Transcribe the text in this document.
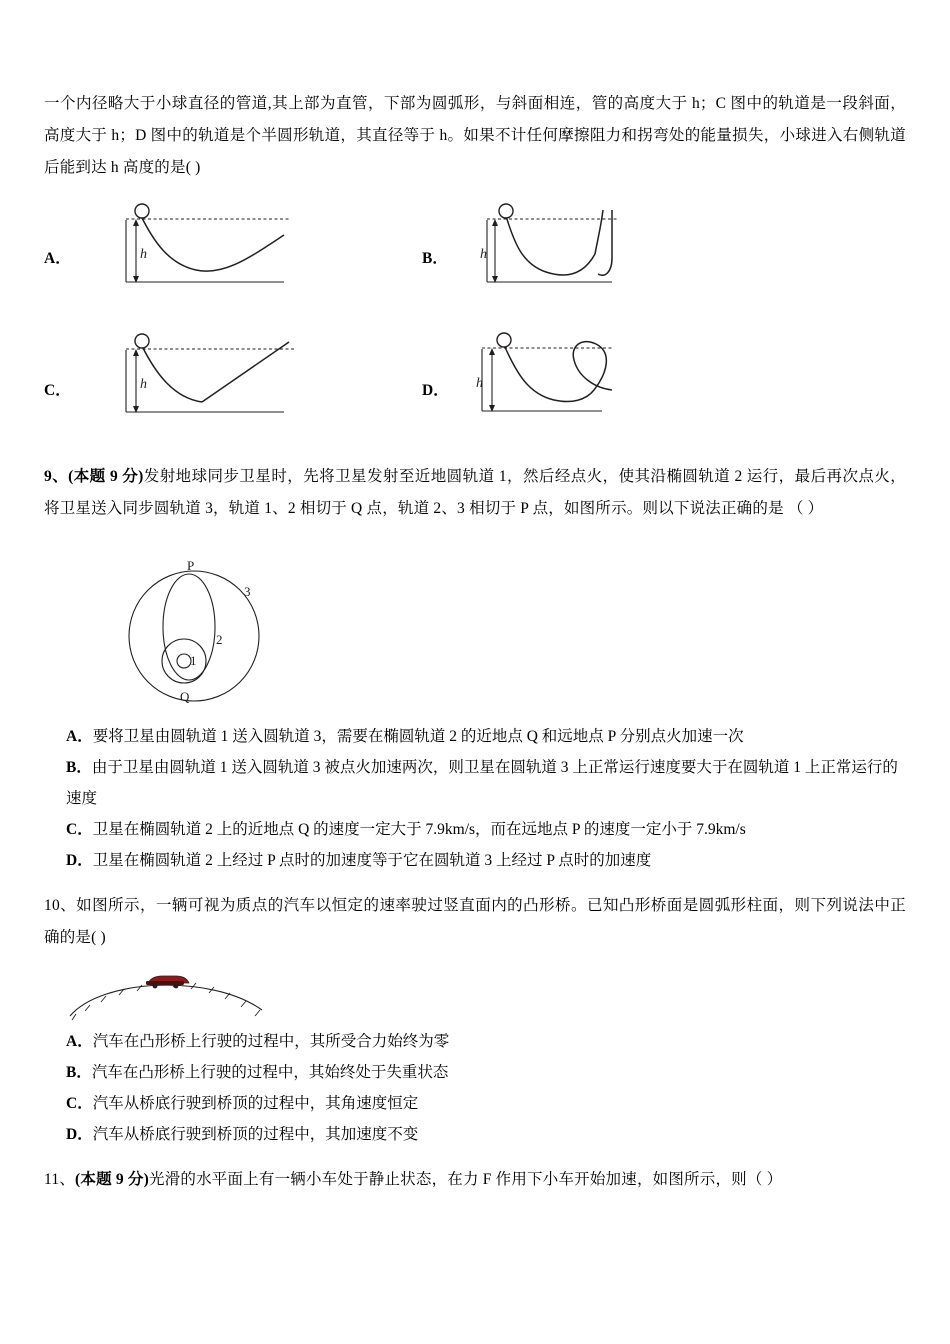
一个内径略大于小球直径的管道,其上部为直管，下部为圆弧形，与斜面相连，管的高度大于 h；C 图中的轨道是一段斜面，高度大于 h；D 图中的轨道是个半圆形轨道，其直径等于 h。如果不计任何摩擦阻力和拐弯处的能量损失，小球进入右侧轨道后能到达 h 高度的是( )

A．	h	B． h
C．	h	D． h

9、(本题 9 分)发射地球同步卫星时，先将卫星发射至近地圆轨道 1，然后经点火，使其沿椭圆轨道 2 运行，最后再次点火，将卫星送入同步圆轨道 3，轨道 1、2 相切于 Q 点，轨道 2、3 相切于 P 点，如图所示。则以下说法正确的是 （ ）

P
Q
1
2
3

A．要将卫星由圆轨道 1 送入圆轨道 3，需要在椭圆轨道 2 的近地点 Q 和远地点 P 分别点火加速一次

B．由于卫星由圆轨道 1 送入圆轨道 3 被点火加速两次，则卫星在圆轨道 3 上正常运行速度要大于在圆轨道 1 上正常运行的速度

C．卫星在椭圆轨道 2 上的近地点 Q 的速度一定大于 7.9km/s，而在远地点 P 的速度一定小于 7.9km/s

D．卫星在椭圆轨道 2 上经过 P 点时的加速度等于它在圆轨道 3 上经过 P 点时的加速度

10、如图所示，一辆可视为质点的汽车以恒定的速率驶过竖直面内的凸形桥。已知凸形桥面是圆弧形柱面，则下列说法中正确的是( )

A．汽车在凸形桥上行驶的过程中，其所受合力始终为零

B．汽车在凸形桥上行驶的过程中，其始终处于失重状态

C．汽车从桥底行驶到桥顶的过程中，其角速度恒定

D．汽车从桥底行驶到桥顶的过程中，其加速度不变

11、(本题 9 分)光滑的水平面上有一辆小车处于静止状态，在力 F 作用下小车开始加速，如图所示，则（ ）
